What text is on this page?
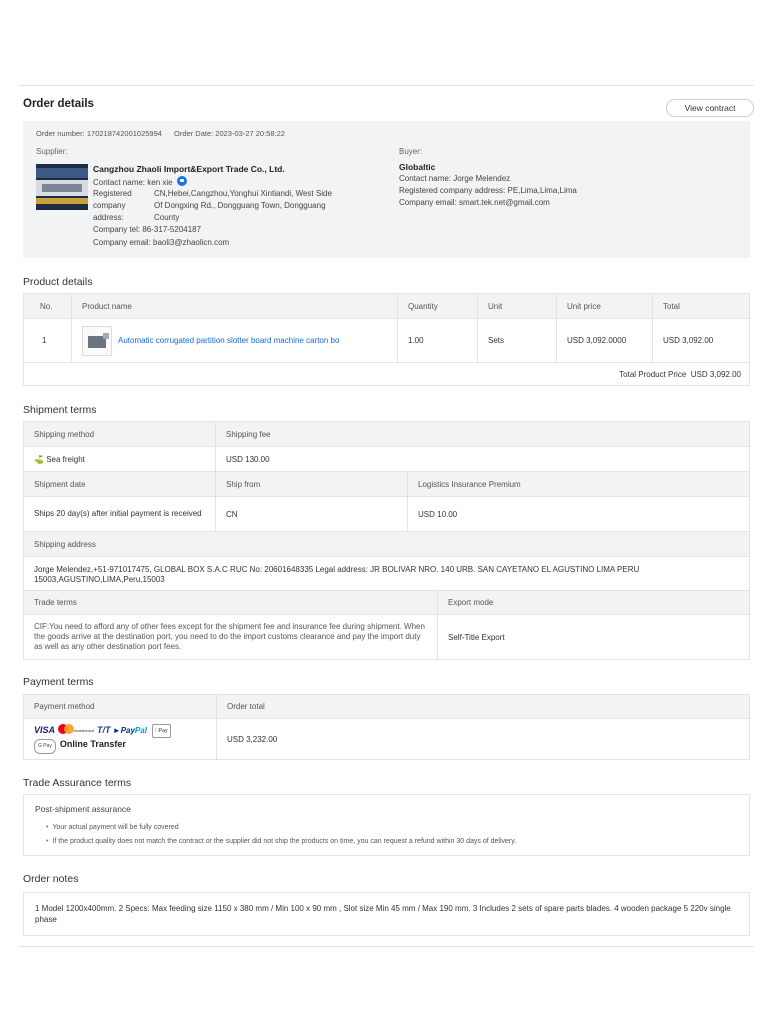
Order details	View contract
Order number: 170218742001025994 Order Date: 2023-03-27 20:58:22
Supplier:
Cangzhou Zhaoli Import&Export Trade Co., Ltd.
Contact name: ken xie
Registered
company
address:
CN,Hebei,Cangzhou,Yonghui Xintiandi, West Side
Of Dongxing Rd., Dongguang Town, Dongguang
County
Company tel: 86-317-5204187
Company email: baoli3@zhaolicn.com
Buyer:
Globaltic
Contact name: Jorge Melendez
Registered company address: PE,Lima,Lima,Lima
Company email: smart.tek.net@gmail.com
Product details
No.	Product name	Quantity	Unit	Unit price	Total
1	Automatic corrugated partition slotter board machine carton bo	1.00	Sets	USD 3,092.0000	USD 3,092.00
Total Product Price USD 3,092.00					
Shipment terms
Shipping method	Shipping fee	
⛳ Sea freight	USD 130.00	
Shipment date	Ship from	Logistics Insurance Premium
Ships 20 day(s) after initial payment is received	CN	USD 10.00
Shipping address		
Jorge Melendez,+51-971017475, GLOBAL BOX S.A.C RUC No: 20601648335 Legal address: JR BOLIVAR NRO. 140 URB. SAN CAYETANO EL AGUSTINO LIMA PERU 15003,AGUSTINO,LIMA,Peru,15003		
Trade terms	Export mode
CIF:You need to afford any of other fees except for the shipment fee and insurance fee during shipment. When the goods arrive at the destination port, you need to do the import customs clearance and pay the import duty as well as any other destination port fees.	Self-Title Export
Payment terms
Payment method	Order total

VISA mastercard T/T ►PayPal Pay
G Pay Online Transfer	USD 3,232.00
Trade Assurance terms
Post-shipment assurance
• Your actual payment will be fully covered
• If the product quality does not match the contract or the supplier did not ship the products on time, you can request a refund within 30 days of delivery.
Order notes
1 Model 1200x400mm. 2 Specs: Max feeding size 1150 x 380 mm / Min 100 x 90 mm , Slot size Min 45 mm / Max 190 mm. 3 Includes 2 sets of spare parts blades. 4 wooden package 5 220v single phase
